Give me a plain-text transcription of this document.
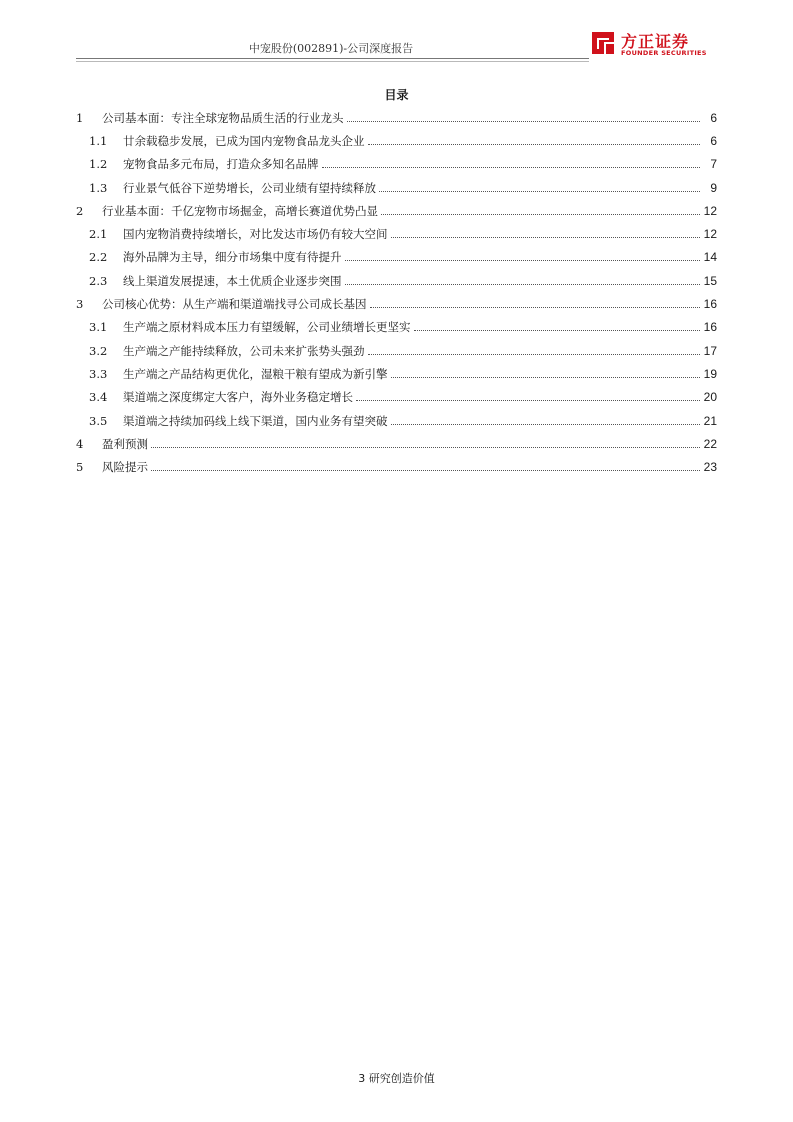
中宠股份(002891)-公司深度报告	方正证券
FOUNDER SECURITIES
目录
1	公司基本面：专注全球宠物品质生活的行业龙头	6
1.1	廿余载稳步发展，已成为国内宠物食品龙头企业	6
1.2	宠物食品多元布局，打造众多知名品牌	7
1.3	行业景气低谷下逆势增长，公司业绩有望持续释放	9
2	行业基本面：千亿宠物市场掘金，高增长赛道优势凸显	12
2.1	国内宠物消费持续增长，对比发达市场仍有较大空间	12
2.2	海外品牌为主导，细分市场集中度有待提升	14
2.3	线上渠道发展提速，本土优质企业逐步突围	15
3	公司核心优势：从生产端和渠道端找寻公司成长基因	16
3.1	生产端之原材料成本压力有望缓解，公司业绩增长更坚实	16
3.2	生产端之产能持续释放，公司未来扩张势头强劲	17
3.3	生产端之产品结构更优化，湿粮干粮有望成为新引擎	19
3.4	渠道端之深度绑定大客户，海外业务稳定增长	20
3.5	渠道端之持续加码线上线下渠道，国内业务有望突破	21
4	盈利预测	22
5	风险提示	23
3 研究创造价值
